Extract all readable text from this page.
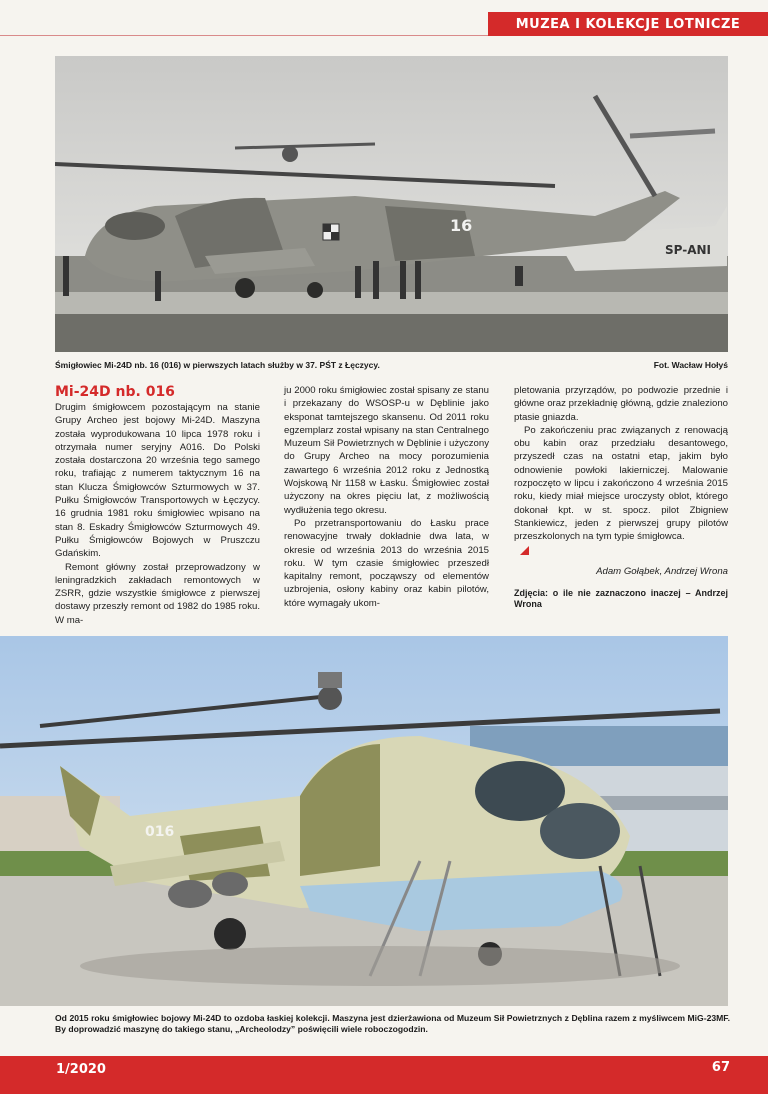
MUZEA I KOLEKCJE LOTNICZE
SP-ANI
16
Śmigłowiec Mi-24D nb. 16 (016) w pierwszych latach służby w 37. PŚT z Łęczycy.	Fot. Wacław Hołyś
Mi-24D nb. 016

Drugim śmigłowcem pozostającym na stanie Grupy Archeo jest bojowy Mi-24D. Maszyna została wyprodukowana 10 lipca 1978 roku i otrzymała numer seryjny A016. Do Polski została dostarczona 20 września tego samego roku, trafiając z numerem taktycznym 16 na stan Klucza Śmigłowców Szturmowych w 37. Pułku Śmigłowców Transportowych w Łęczycy. 16 grudnia 1981 roku śmigłowiec wpisano na stan 8. Eskadry Śmigłowców Szturmowych 49. Pułku Śmigłowców Bojowych w Pruszczu Gdańskim.

Remont główny został przeprowadzony w leningradzkich zakładach remontowych w ZSRR, gdzie wszystkie śmigłowce z pierwszej dostawy przeszły remont od 1982 do 1985 roku. W ma-

ju 2000 roku śmigłowiec został spisany ze stanu i przekazany do WSOSP-u w Dęblinie jako eksponat tamtejszego skansenu. Od 2011 roku egzemplarz został wpisany na stan Centralnego Muzeum Sił Powietrznych w Dęblinie i użyczony do Grupy Archeo na mocy porozumienia zawartego 6 września 2012 roku z Jednostką Wojskową Nr 1158 w Łasku. Śmigłowiec został użyczony na okres pięciu lat, z możliwością wydłużenia tego okresu.

Po przetransportowaniu do Łasku prace renowacyjne trwały dokładnie dwa lata, w okresie od września 2013 do września 2015 roku. W tym czasie śmigłowiec przeszedł kapitalny remont, począwszy od elementów uzbrojenia, osłony kabiny oraz kabin pilotów, które wymagały ukom-

pletowania przyrządów, po podwozie przednie i główne oraz przekładnię główną, gdzie znaleziono ptasie gniazda.

Po zakończeniu prac związanych z renowacją obu kabin oraz przedziału desantowego, przyszedł czas na ostatni etap, jakim było odnowienie powłoki lakierniczej. Malowanie rozpoczęto w lipcu i zakończono 4 września 2015 roku, kiedy miał miejsce uroczysty oblot, którego dokonał kpt. w st. spocz. pilot Zbigniew Stankiewicz, jeden z pierwszej grupy pilotów przeszkolonych na tym typie śmigłowca.

Adam Gołąbek, Andrzej Wrona
Zdjęcia: o ile nie zaznaczono inaczej – Andrzej Wrona
016
Od 2015 roku śmigłowiec bojowy Mi-24D to ozdoba łaskiej kolekcji. Maszyna jest dzierżawiona od Muzeum Sił Powietrznych z Dęblina razem z myśliwcem MiG-23MF. By doprowadzić maszynę do takiego stanu, „Archeolodzy” poświęcili wiele roboczogodzin.
1/2020	67
